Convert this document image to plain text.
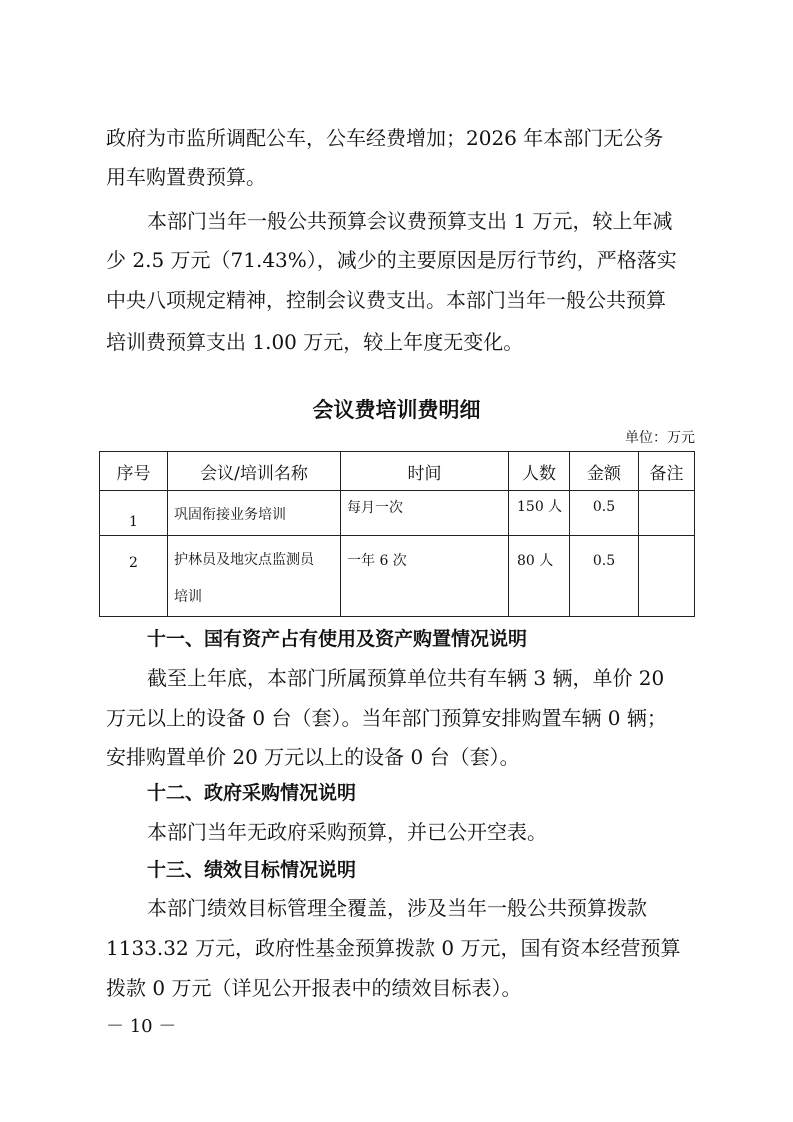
政府为市监所调配公车，公车经费增加；2026 年本部门无公务
用车购置费预算。
本部门当年一般公共预算会议费预算支出 1 万元，较上年减
少 2.5 万元（71.43%），减少的主要原因是厉行节约，严格落实
中央八项规定精神，控制会议费支出。本部门当年一般公共预算
培训费预算支出 1.00 万元，较上年度无变化。
会议费培训费明细
单位：万元
序号	会议/培训名称	时间	人数	金额	备注

1	巩固衔接业务培训	每月一次	150 人	0.5	

2	护林员及地灾点监测员
培训	一年 6 次	80 人	0.5	

十一、国有资产占有使用及资产购置情况说明
截至上年底，本部门所属预算单位共有车辆 3 辆，单价 20
万元以上的设备 0 台（套）。当年部门预算安排购置车辆 0 辆；
安排购置单价 20 万元以上的设备 0 台（套）。
十二、政府采购情况说明
本部门当年无政府采购预算，并已公开空表。
十三、绩效目标情况说明
本部门绩效目标管理全覆盖，涉及当年一般公共预算拨款
1133.32 万元，政府性基金预算拨款 0 万元，国有资本经营预算
拨款 0 万元（详见公开报表中的绩效目标表）。
－ 10 －
